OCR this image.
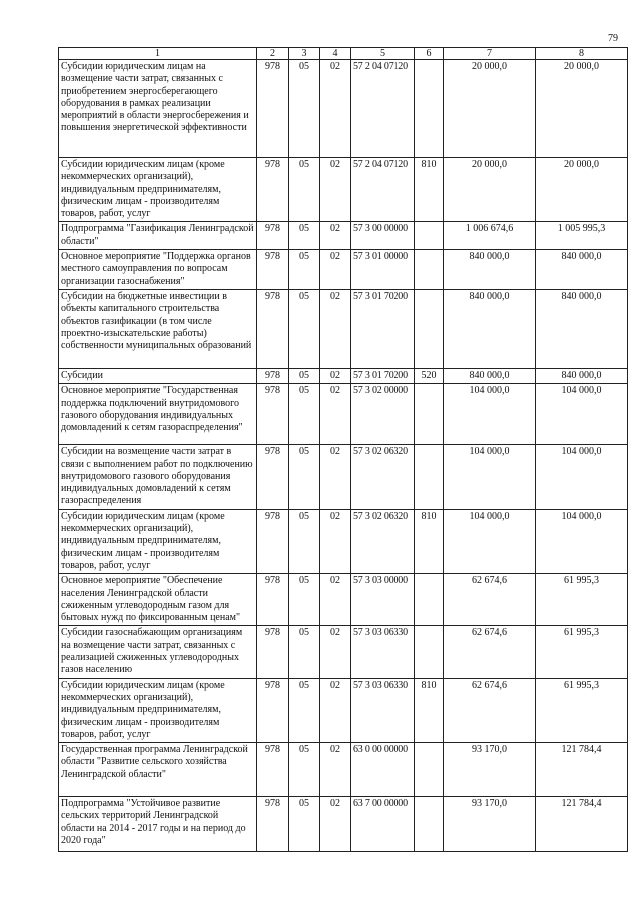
79
1	2	3	4	5	6	7	8
Субсидии юридическим лицам на возмещение части затрат, связанных с приобретением энергосберегающего оборудования в рамках реализации мероприятий в области энергосбережения и повышения энергетической эффективности	978	05	02	57 2 04 07120		20 000,0	20 000,0
Субсидии юридическим лицам (кроме некоммерческих организаций), индивидуальным предпринимателям, физическим лицам - производителям товаров, работ, услуг	978	05	02	57 2 04 07120	810	20 000,0	20 000,0
Подпрограмма "Газификация Ленинградской области"	978	05	02	57 3 00 00000		1 006 674,6	1 005 995,3
Основное мероприятие "Поддержка органов местного самоуправления по вопросам организации газоснабжения"	978	05	02	57 3 01 00000		840 000,0	840 000,0
Субсидии на бюджетные инвестиции в объекты капитального строительства объектов газификации (в том числе проектно-изыскательские работы) собственности муниципальных образований	978	05	02	57 3 01 70200		840 000,0	840 000,0
Субсидии	978	05	02	57 3 01 70200	520	840 000,0	840 000,0
Основное мероприятие "Государственная поддержка подключений внутридомового газового оборудования индивидуальных домовладений к сетям газораспределения"	978	05	02	57 3 02 00000		104 000,0	104 000,0
Субсидии на возмещение части затрат в связи с выполнением работ по подключению внутридомового газового оборудования индивидуальных домовладений к сетям газораспределения	978	05	02	57 3 02 06320		104 000,0	104 000,0
Субсидии юридическим лицам (кроме некоммерческих организаций), индивидуальным предпринимателям, физическим лицам - производителям товаров, работ, услуг	978	05	02	57 3 02 06320	810	104 000,0	104 000,0
Основное мероприятие "Обеспечение населения Ленинградской области сжиженным углеводородным газом для бытовых нужд по фиксированным ценам"	978	05	02	57 3 03 00000		62 674,6	61 995,3
Субсидии газоснабжающим организациям на возмещение части затрат, связанных с реализацией сжиженных углеводородных газов населению	978	05	02	57 3 03 06330		62 674,6	61 995,3
Субсидии юридическим лицам (кроме некоммерческих организаций), индивидуальным предпринимателям, физическим лицам - производителям товаров, работ, услуг	978	05	02	57 3 03 06330	810	62 674,6	61 995,3
Государственная программа Ленинградской области "Развитие сельского хозяйства Ленинградской области"	978	05	02	63 0 00 00000		93 170,0	121 784,4
Подпрограмма "Устойчивое развитие сельских территорий Ленинградской области на 2014 - 2017 годы и на период до 2020 года"	978	05	02	63 7 00 00000		93 170,0	121 784,4
